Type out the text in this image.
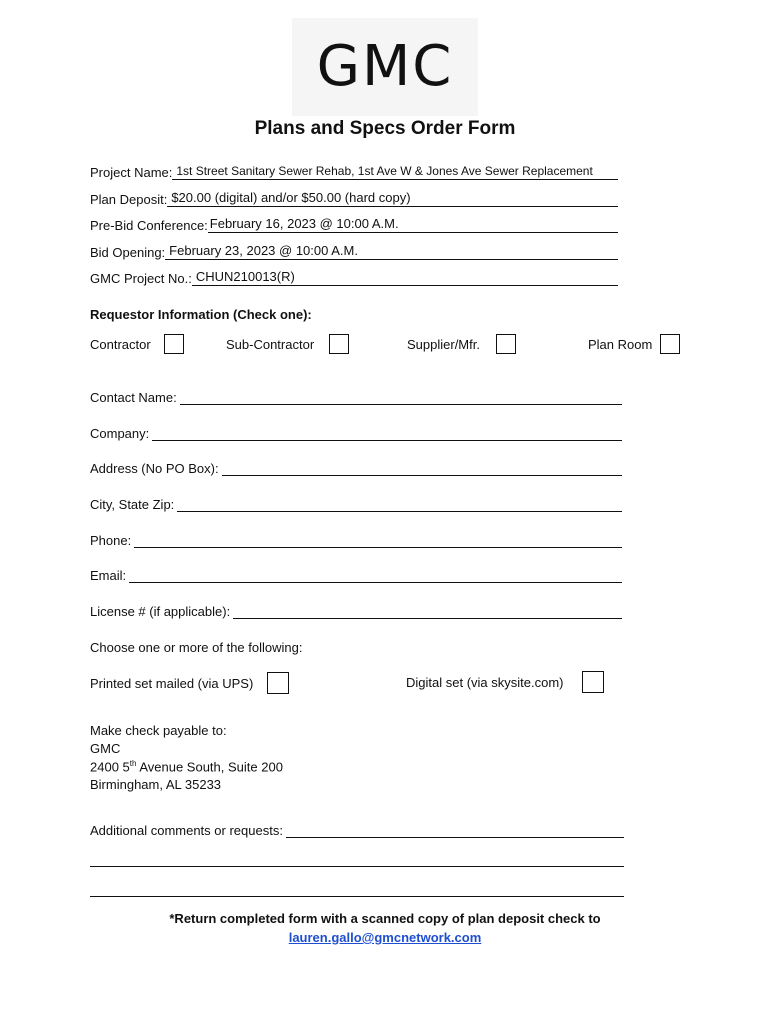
GMC
Plans and Specs Order Form
Project Name: 1st Street Sanitary Sewer Rehab, 1st Ave W & Jones Ave Sewer Replacement
Plan Deposit: $20.00 (digital) and/or $50.00 (hard copy)
Pre-Bid Conference: February 16, 2023 @ 10:00 A.M.
Bid Opening: February 23, 2023 @ 10:00 A.M.
GMC Project No.: CHUN210013(R)
Requestor Information (Check one):
Contractor	Sub-Contractor	Supplier/Mfr.	Plan Room
Contact Name:
Company:
Address (No PO Box):
City, State Zip:
Phone:
Email:
License # (if applicable):
Choose one or more of the following:
Printed set mailed (via UPS)	Digital set (via skysite.com)
Make check payable to:
GMC
2400 5th Avenue South, Suite 200
Birmingham, AL 35233
Additional comments or requests:
*Return completed form with a scanned copy of plan deposit check to
lauren.gallo@gmcnetwork.com
